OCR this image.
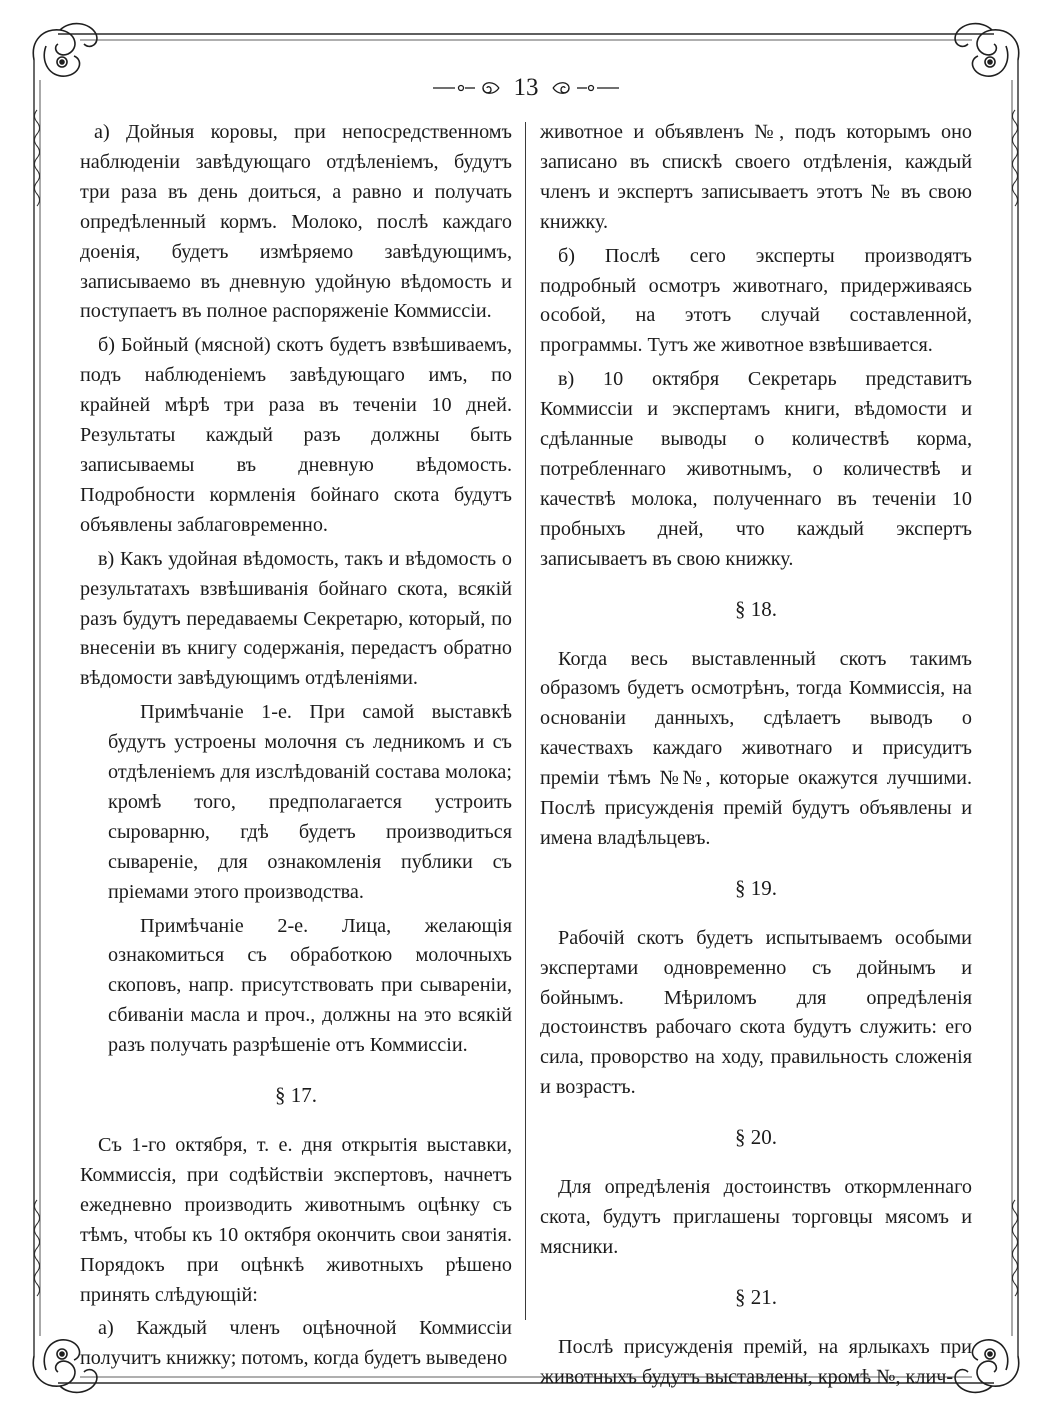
13

а) Дойныя коровы, при непосредственномъ наблюденіи завѣдующаго отдѣленіемъ, будутъ три раза въ день доиться, а равно и получать опредѣленный кормъ. Молоко, послѣ каждаго доенія, будетъ измѣряемо завѣдующимъ, записываемо въ дневную удойную вѣдомость и поступаетъ въ полное распоряженіе Коммиссіи.

б) Бойный (мясной) скотъ будетъ взвѣшиваемъ, подъ наблюденіемъ завѣдующаго имъ, по крайней мѣрѣ три раза въ теченіи 10 дней. Результаты каждый разъ должны быть записываемы въ дневную вѣдомость. Подробности кормленія бойнаго скота будутъ объявлены заблаговременно.

в) Какъ удойная вѣдомость, такъ и вѣдомость о результатахъ взвѣшиванія бойнаго скота, всякій разъ будутъ передаваемы Секретарю, который, по внесеніи въ книгу содержанія, передастъ обратно вѣдомости завѣдующимъ отдѣленіями.

Примѣчаніе 1-е. При самой выставкѣ будутъ устроены молочня съ ледникомъ и съ отдѣленіемъ для изслѣдованій состава молока; кромѣ того, предполагается устроить сыроварню, гдѣ будетъ производиться сывареніе, для ознакомленія публики съ пріемами этого производства.

Примѣчаніе 2-е. Лица, желающія ознакомиться съ обработкою молочныхъ скоповъ, напр. присутствовать при сывареніи, сбиваніи масла и проч., должны на это всякій разъ получать разрѣшеніе отъ Коммиссіи.

§ 17.

Съ 1-го октября, т. е. дня открытія выставки, Коммиссія, при содѣйствіи экспертовъ, начнетъ ежедневно производить животнымъ оцѣнку съ тѣмъ, чтобы къ 10 октября окончить свои занятія. Порядокъ при оцѣнкѣ животныхъ рѣшено принять слѣдующій:

а) Каждый членъ оцѣночной Коммиссіи получитъ книжку; потомъ, когда будетъ выведено

животное и объявленъ №, подъ которымъ оно записано въ спискѣ своего отдѣленія, каждый членъ и экспертъ записываетъ этотъ № въ свою книжку.

б) Послѣ сего эксперты производятъ подробный осмотръ животнаго, придерживаясь особой, на этотъ случай составленной, программы. Тутъ же животное взвѣшивается.

в) 10 октября Секретарь представитъ Коммиссіи и экспертамъ книги, вѣдомости и сдѣланные выводы о количествѣ корма, потребленнаго животнымъ, о количествѣ и качествѣ молока, полученнаго въ теченіи 10 пробныхъ дней, что каждый экспертъ записываетъ въ свою книжку.

§ 18.

Когда весь выставленный скотъ такимъ образомъ будетъ осмотрѣнъ, тогда Коммиссія, на основаніи данныхъ, сдѣлаетъ выводъ о качествахъ каждаго животнаго и присудитъ преміи тѣмъ №№, которые окажутся лучшими. Послѣ присужденія премій будутъ объявлены и имена владѣльцевъ.

§ 19.

Рабочій скотъ будетъ испытываемъ особыми экспертами одновременно съ дойнымъ и бойнымъ. Мѣриломъ для опредѣленія достоинствъ рабочаго скота будутъ служить: его сила, проворство на ходу, правильность сложенія и возрастъ.

§ 20.

Для опредѣленія достоинствъ откормленнаго скота, будутъ приглашены торговцы мясомъ и мясники.

§ 21.

Послѣ присужденія премій, на ярлыкахъ при животныхъ будутъ выставлены, кромѣ №, клич-
